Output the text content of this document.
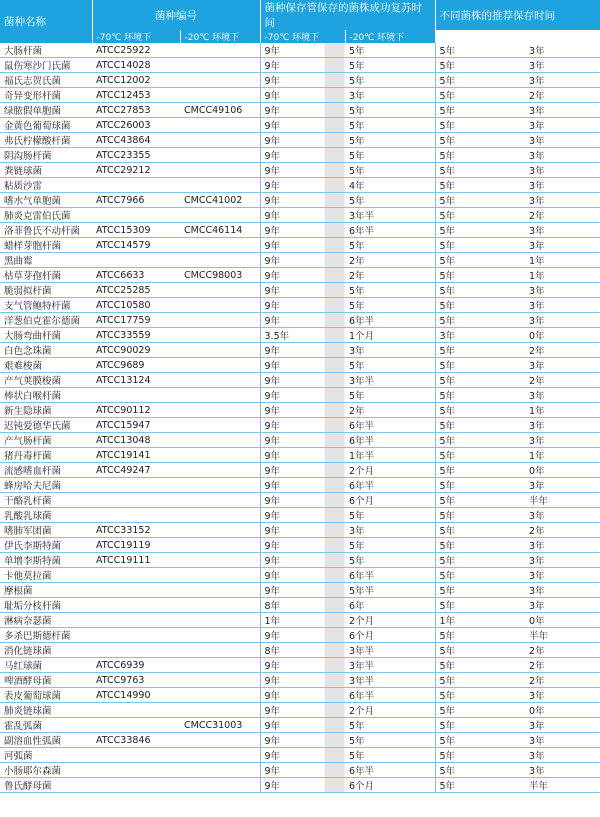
菌种名称	菌种编号		菌种保存管保存的菌株成功复苏时间		不同菌株的推荐保存时间	
	-70℃ 环境下	-20℃ 环境下	-70℃ 环境下	-20℃ 环境下		
大肠杆菌	ATCC25922		9年	5年	5年	3年
鼠伤寒沙门氏菌	ATCC14028		9年	5年	5年	3年
福氏志贺氏菌	ATCC12002		9年	5年	5年	3年
奇异变形杆菌	ATCC12453		9年	3年	5年	2年
绿脓假单胞菌	ATCC27853	CMCC49106	9年	5年	5年	3年
金黄色葡萄球菌	ATCC26003		9年	5年	5年	3年
弗氏柠檬酸杆菌	ATCC43864		9年	5年	5年	3年
阴沟肠杆菌	ATCC23355		9年	5年	5年	3年
粪链球菌	ATCC29212		9年	5年	5年	3年
粘质沙雷			9年	4年	5年	3年
嗜水气单胞菌	ATCC7966	CMCC41002	9年	5年	5年	3年
肺炎克雷伯氏菌			9年	3年半	5年	2年
洛菲鲁氏不动杆菌	ATCC15309	CMCC46114	9年	6年半	5年	3年
蜡样芽胞杆菌	ATCC14579		9年	5年	5年	3年
黑曲霉			9年	2年	5年	1年
枯草芽孢杆菌	ATCC6633	CMCC98003	9年	2年	5年	1年
脆弱拟杆菌	ATCC25285		9年	5年	5年	3年
支气管鲍特杆菌	ATCC10580		9年	5年	5年	3年
洋葱伯克霍尔德菌	ATCC17759		9年	6年半	5年	3年
大肠弯曲杆菌	ATCC33559		3.5年	1个月	3年	0年
白色念珠菌	ATCC90029		9年	3年	5年	2年
艰难梭菌	ATCC9689		9年	5年	5年	3年
产气荚膜梭菌	ATCC13124		9年	3年半	5年	2年
棒状白喉杆菌			9年	5年	5年	3年
新生隐球菌	ATCC90112		9年	2年	5年	1年
迟钝爱德华氏菌	ATCC15947		9年	6年半	5年	3年
产气肠杆菌	ATCC13048		9年	6年半	5年	3年
猪丹毒杆菌	ATCC19141		9年	1年半	5年	1年
流感嗜血杆菌	ATCC49247		9年	2个月	5年	0年
蜂房哈夫尼菌			9年	6年半	5年	3年
干酪乳杆菌			9年	6个月	5年	半年
乳酸乳球菌			9年	5年	5年	3年
嗜肺军团菌	ATCC33152		9年	3年	5年	2年
伊氏李斯特菌	ATCC19119		9年	5年	5年	3年
单增李斯特菌	ATCC19111		9年	5年	5年	3年
卡他莫拉菌			9年	6年半	5年	3年
摩根菌			9年	5年半	5年	3年
耻垢分枝杆菌			8年	6年	5年	3年
淋病奈瑟菌			1年	2个月	1年	0年
多杀巴斯德杆菌			9年	6个月	5年	半年
消化链球菌			8年	3年半	5年	2年
马红球菌	ATCC6939		9年	3年半	5年	2年
啤酒酵母菌	ATCC9763		9年	3年半	5年	2年
表皮葡萄球菌	ATCC14990		9年	6年半	5年	3年
肺炎链球菌			9年	2个月	5年	0年
霍乱弧菌		CMCC31003	9年	5年	5年	3年
副溶血性弧菌	ATCC33846		9年	5年	5年	3年
河弧菌			9年	5年	5年	3年
小肠耶尔森菌			9年	6年半	5年	3年
鲁氏酵母菌			9年	6个月	5年	半年
